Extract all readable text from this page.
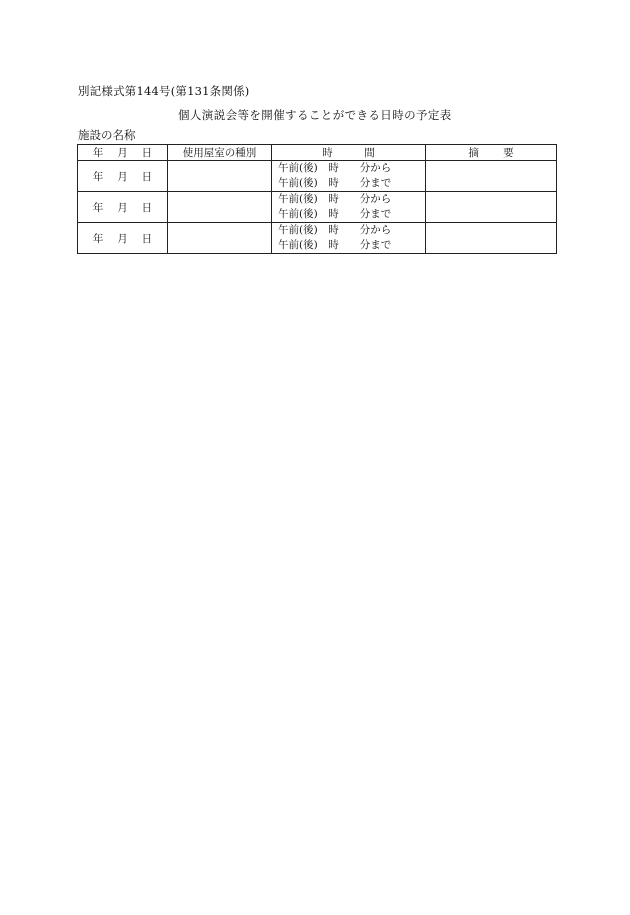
別記様式第144号(第131条関係)
個人演説会等を開催することができる日時の予定表
施設の名称
年　 月　 日	使用屋室の種別	時　　　間	摘　　 要
年　 月　 日		午前(後)　時　　分から
午前(後)　時　　分まで	

年　 月　 日		午前(後)　時　　分から
午前(後)　時　　分まで	

年　 月　 日		午前(後)　時　　分から
午前(後)　時　　分まで	
